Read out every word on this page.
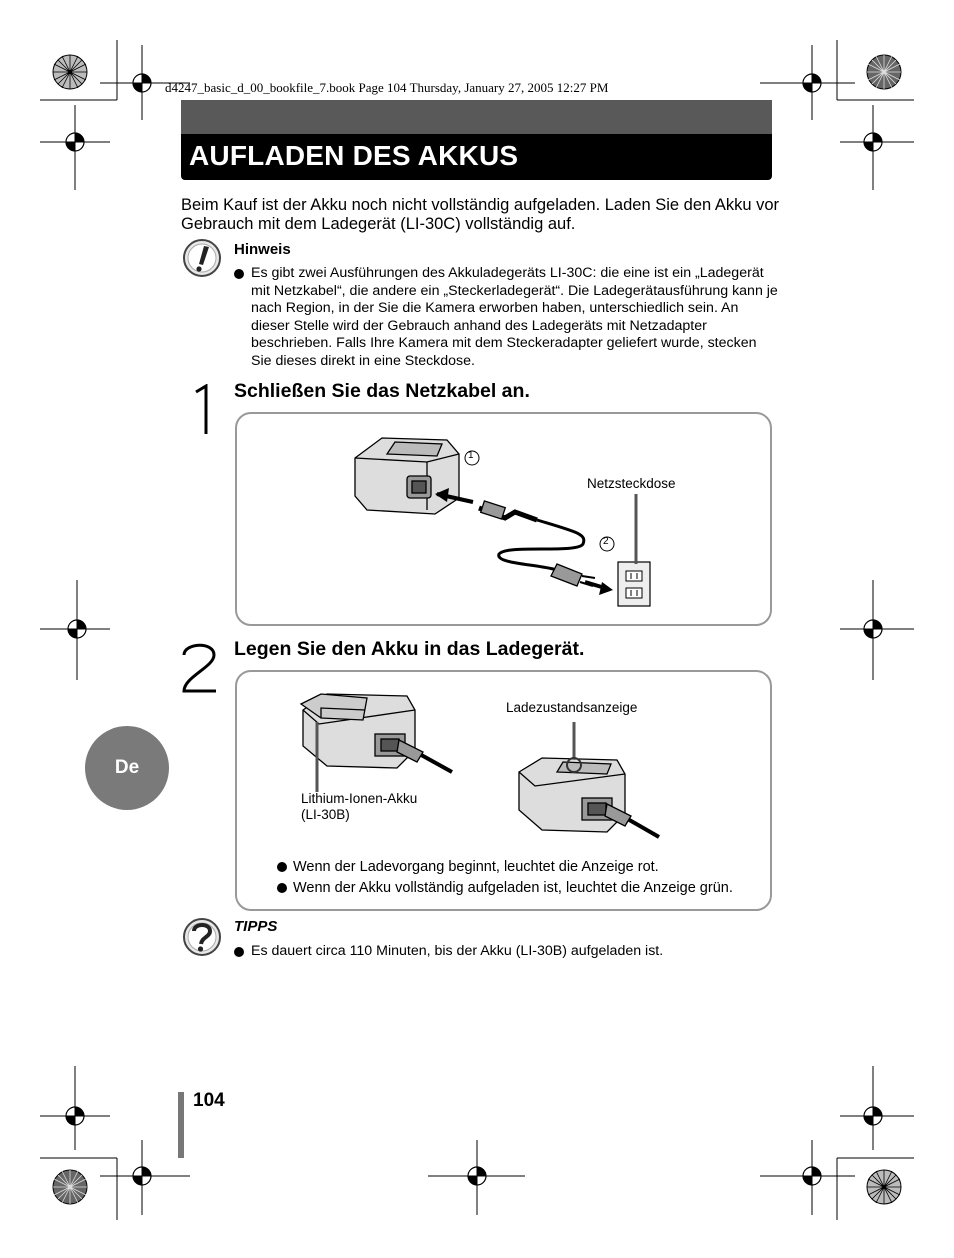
d4247_basic_d_00_bookfile_7.book Page 104 Thursday, January 27, 2005 12:27 PM
AUFLADEN DES AKKUS
Beim Kauf ist der Akku noch nicht vollständig aufgeladen. Laden Sie den Akku vor Gebrauch mit dem Ladegerät (LI-30C) vollständig auf.
Hinweis
Es gibt zwei Ausführungen des Akkuladegeräts LI-30C: die eine ist ein „Ladegerät mit Netzkabel“, die andere ein „Steckerladegerät“. Die Ladegerätausführung kann je nach Region, in der Sie die Kamera erworben haben, unterschiedlich sein. An dieser Stelle wird der Gebrauch anhand des Ladegeräts mit Netzadapter beschrieben. Falls Ihre Kamera mit dem Steckeradapter geliefert wurde, stecken Sie dieses direkt in eine Steckdose.
Schließen Sie das Netzkabel an.
1
2
Netzsteckdose
Legen Sie den Akku in das Ladegerät.
Ladezustandsanzeige
Lithium-Ionen-Akku
(LI-30B)
Wenn der Ladevorgang beginnt, leuchtet die Anzeige rot.
Wenn der Akku vollständig aufgeladen ist, leuchtet die Anzeige grün.
TIPPS
Es dauert circa 110 Minuten, bis der Akku (LI-30B) aufgeladen ist.
De
104
